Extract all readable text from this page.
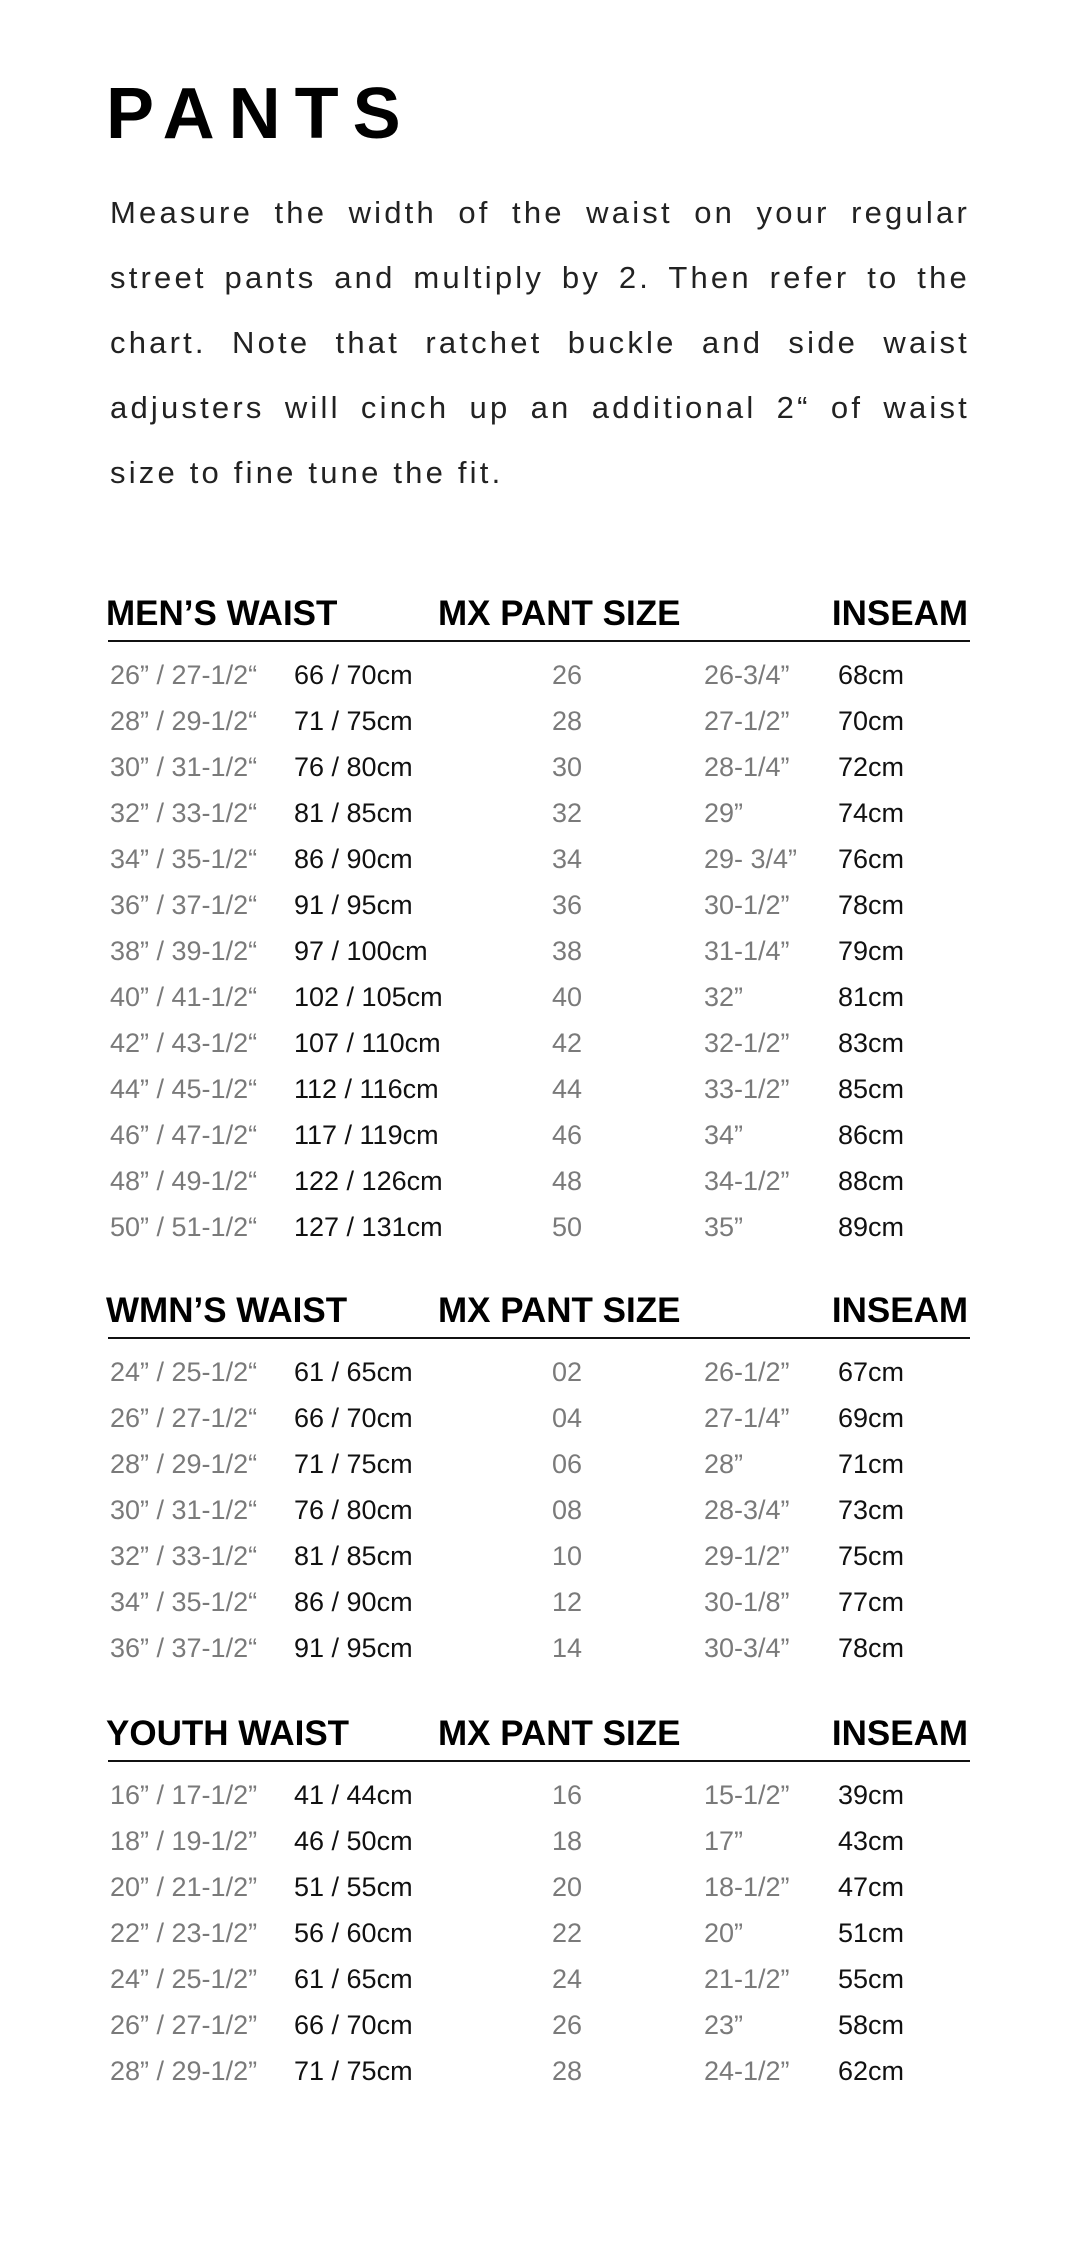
PANTS

Measure the width of the waist on your regular street pants and multiply by 2. Then refer to the chart. Note that ratchet buckle and side waist adjusters will cinch up an additional 2“ of waist size to fine tune the fit.

MEN’S WAIST	MX PANT SIZE	INSEAM
26” / 27-1/2“ 66 / 70cm	26	26-3/4” 68cm
28” / 29-1/2“ 71 / 75cm	28	27-1/2” 70cm
30” / 31-1/2“ 76 / 80cm	30	28-1/4” 72cm
32” / 33-1/2“ 81 / 85cm	32	29”	74cm
34” / 35-1/2“ 86 / 90cm	34	29- 3/4” 76cm
36” / 37-1/2“ 91 / 95cm	36	30-1/2” 78cm
38” / 39-1/2“ 97 / 100cm	38	31-1/4” 79cm
40” / 41-1/2“ 102 / 105cm	40	32”	81cm
42” / 43-1/2“ 107 / 110cm	42	32-1/2” 83cm
44” / 45-1/2“ 112 / 116cm	44	33-1/2” 85cm
46” / 47-1/2“ 117 / 119cm	46	34”	86cm
48” / 49-1/2“ 122 / 126cm	48	34-1/2” 88cm
50” / 51-1/2“ 127 / 131cm	50	35”	89cm
WMN’S WAIST	MX PANT SIZE	INSEAM
24” / 25-1/2“ 61 / 65cm	02	26-1/2” 67cm
26” / 27-1/2“ 66 / 70cm	04	27-1/4” 69cm
28” / 29-1/2“ 71 / 75cm	06	28”	71cm
30” / 31-1/2“ 76 / 80cm	08	28-3/4” 73cm
32” / 33-1/2“ 81 / 85cm	10	29-1/2” 75cm
34” / 35-1/2“ 86 / 90cm	12	30-1/8” 77cm
36” / 37-1/2“ 91 / 95cm	14	30-3/4” 78cm
YOUTH WAIST	MX PANT SIZE	INSEAM
16” / 17-1/2” 41 / 44cm	16	15-1/2” 39cm
18” / 19-1/2” 46 / 50cm	18	17”	43cm
20” / 21-1/2” 51 / 55cm	20	18-1/2” 47cm
22” / 23-1/2” 56 / 60cm	22	20”	51cm
24” / 25-1/2” 61 / 65cm	24	21-1/2” 55cm
26” / 27-1/2” 66 / 70cm	26	23”	58cm
28” / 29-1/2” 71 / 75cm	28	24-1/2” 62cm
